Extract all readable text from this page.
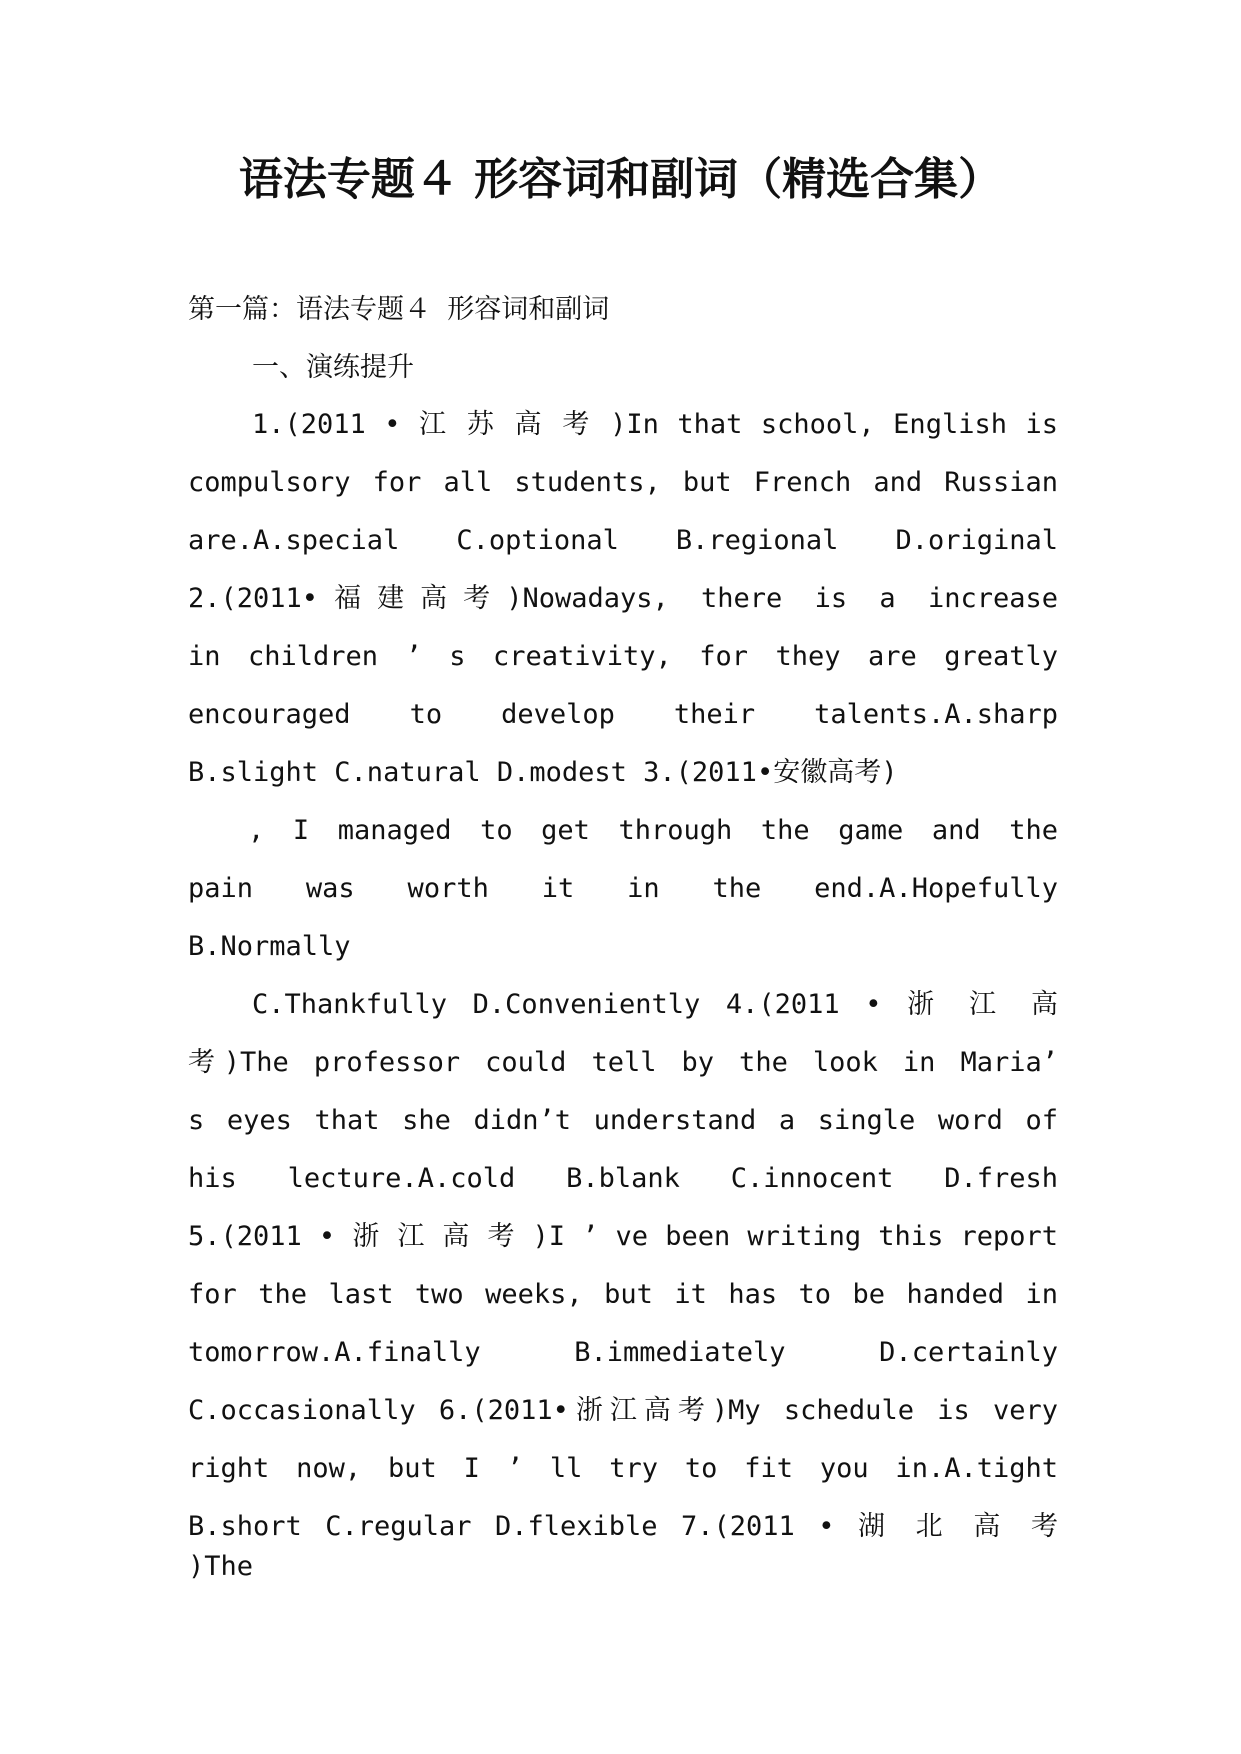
语法专题４ 形容词和副词（精选合集）
第一篇：语法专题４ 形容词和副词
一、演练提升
1.(2011 • 江 苏 高 考 )In that school, English is
compulsory for all students, but French and Russian
are.A.special C.optional B.regional D.original
2.(2011•福建高考)Nowadays, there is a increase
in children ’ s creativity, for they are greatly
encouraged to develop their talents.A.sharp
B.slight C.natural D.modest 3.(2011•安徽高考)
, I managed to get through the game and the
pain was worth it in the end.A.Hopefully
B.Normally
C.Thankfully D.Conveniently 4.(2011 • 浙 江 高
考)The professor could tell by the look in Maria’
s eyes that she didn’t understand a single word of
his lecture.A.cold B.blank C.innocent D.fresh
5.(2011 • 浙 江 高 考 )I ’ ve been writing this report
for the last two weeks, but it has to be handed in
tomorrow.A.finally B.immediately D.certainly
C.occasionally 6.(2011•浙江高考)My schedule is very
right now, but I ’ ll try to fit you in.A.tight
B.short C.regular D.flexible 7.(2011 • 湖 北 高 考 )The
